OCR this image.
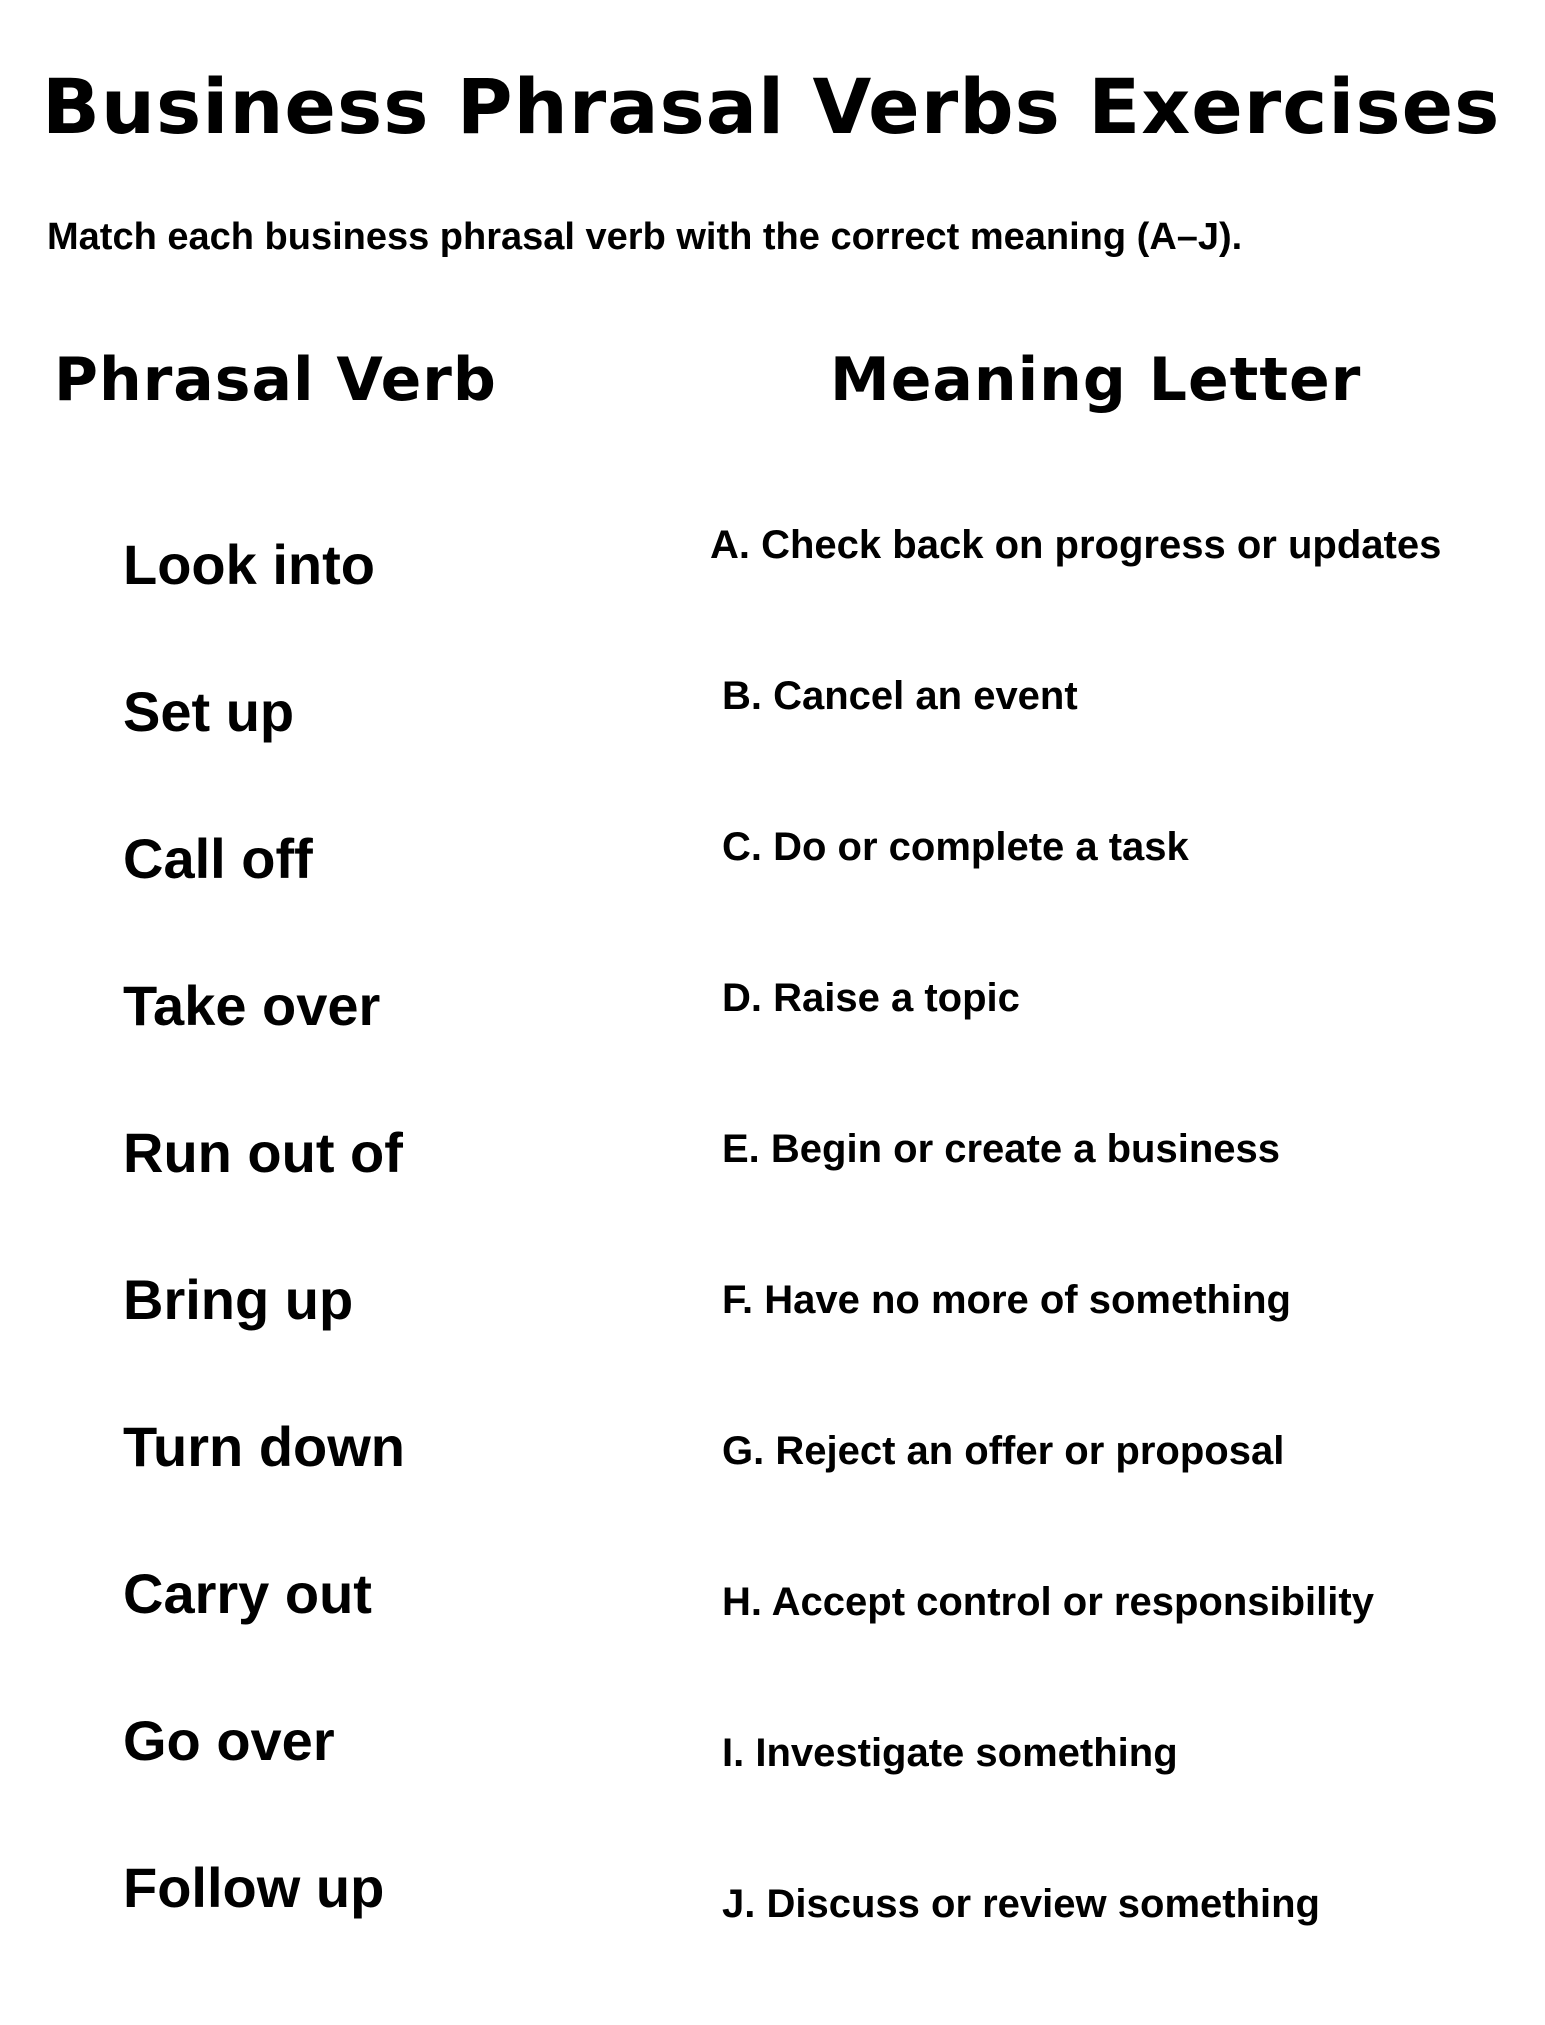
Business Phrasal Verbs Exercises

Match each business phrasal verb with the correct meaning (A–J).

Phrasal Verb	Meaning Letter
Look into
Set up
Call off
Take over
Run out of
Bring up
Turn down
Carry out
Go over
Follow up
A. Check back on progress or updates
B. Cancel an event
C. Do or complete a task
D. Raise a topic
E. Begin or create a business
F. Have no more of something
G. Reject an offer or proposal
H. Accept control or responsibility
I. Investigate something
J. Discuss or review something
